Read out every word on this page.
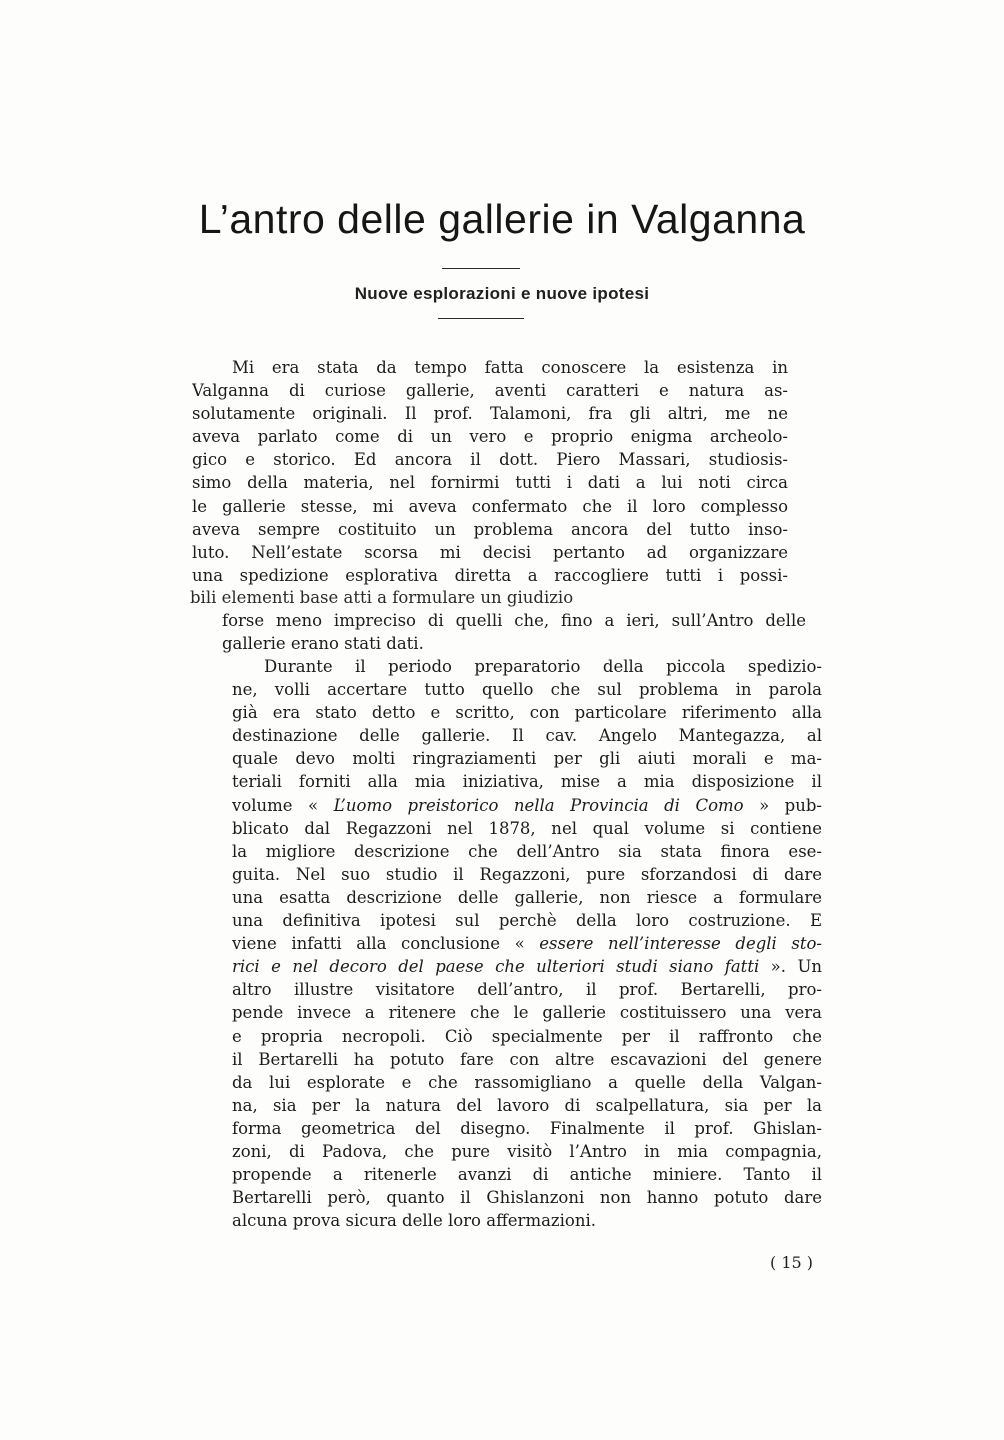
L’antro delle gallerie in Valganna
Nuove esplorazioni e nuove ipotesi
Mi era stata da tempo fatta conoscere la esistenza in
Valganna di curiose gallerie, aventi caratteri e natura as-
solutamente originali. Il prof. Talamoni, fra gli altri, me ne
aveva parlato come di un vero e proprio enigma archeolo-
gico e storico. Ed ancora il dott. Piero Massari, studiosis-
simo della materia, nel fornirmi tutti i dati a lui noti circa
le gallerie stesse, mi aveva confermato che il loro complesso
aveva sempre costituito un problema ancora del tutto inso-
luto. Nell’estate scorsa mi decisi pertanto ad organizzare
una spedizione esplorativa diretta a raccogliere tutti i possi-
bili elementi base atti a formulare un giudizio
forse meno impreciso di quelli che, fino a ieri, sull’Antro delle
gallerie erano stati dati.
Durante il periodo preparatorio della piccola spedizio-
ne, volli accertare tutto quello che sul problema in parola
già era stato detto e scritto, con particolare riferimento alla
destinazione delle gallerie. Il cav. Angelo Mantegazza, al
quale devo molti ringraziamenti per gli aiuti morali e ma-
teriali forniti alla mia iniziativa, mise a mia disposizione il
volume « L’uomo preistorico nella Provincia di Como » pub-
blicato dal Regazzoni nel 1878, nel qual volume si contiene
la migliore descrizione che dell’Antro sia stata finora ese-
guita. Nel suo studio il Regazzoni, pure sforzandosi di dare
una esatta descrizione delle gallerie, non riesce a formulare
una definitiva ipotesi sul perchè della loro costruzione. E
viene infatti alla conclusione « essere nell’interesse degli sto-
rici e nel decoro del paese che ulteriori studi siano fatti ». Un
altro illustre visitatore dell’antro, il prof. Bertarelli, pro-
pende invece a ritenere che le gallerie costituissero una vera
e propria necropoli. Ciò specialmente per il raffronto che
il Bertarelli ha potuto fare con altre escavazioni del genere
da lui esplorate e che rassomigliano a quelle della Valgan-
na, sia per la natura del lavoro di scalpellatura, sia per la
forma geometrica del disegno. Finalmente il prof. Ghislan-
zoni, di Padova, che pure visitò l’Antro in mia compagnia,
propende a ritenerle avanzi di antiche miniere. Tanto il
Bertarelli però, quanto il Ghislanzoni non hanno potuto dare
alcuna prova sicura delle loro affermazioni.
( 15 )
